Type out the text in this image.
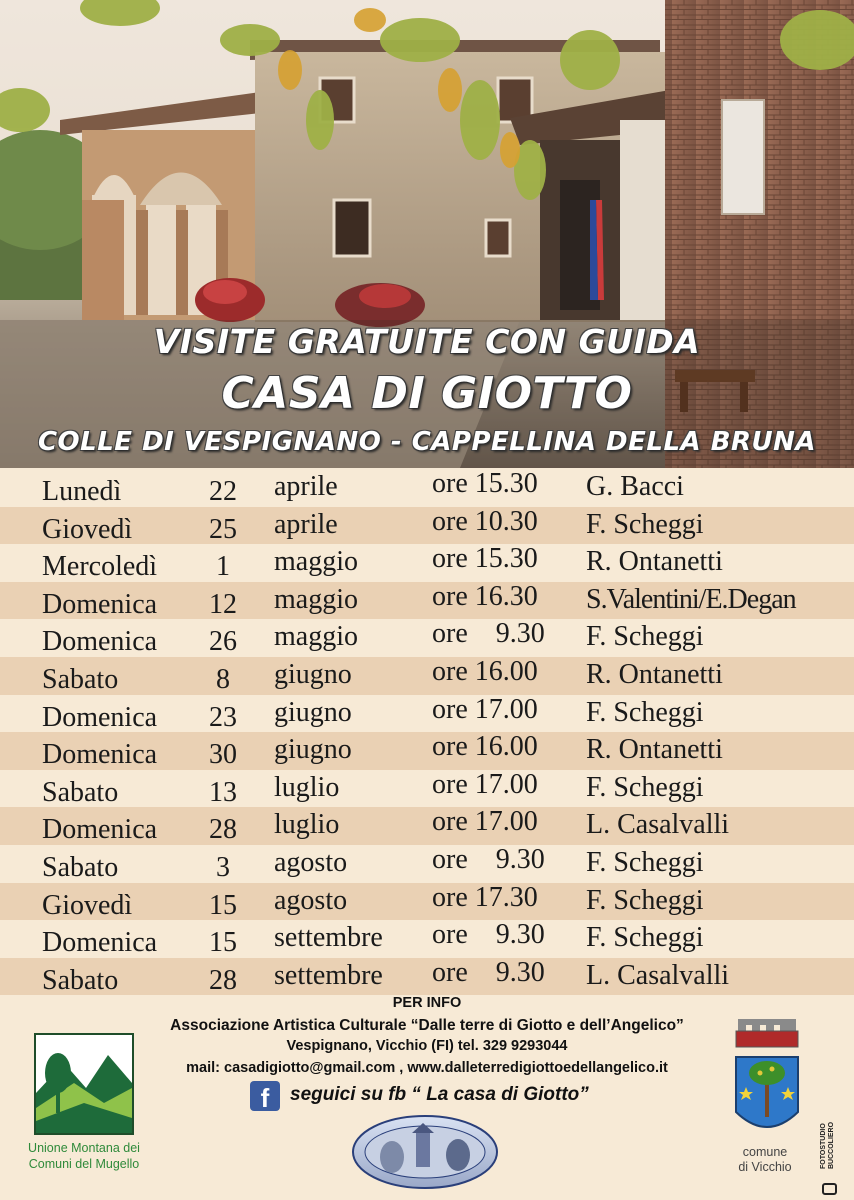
VISITE GRATUITE CON GUIDA
CASA DI GIOTTO
COLLE DI VESPIGNANO - CAPPELLINA DELLA BRUNA
Lunedì	22	aprile	ore 15.30 G. Bacci
Giovedì	25	aprile	ore 10.30 F. Scheggi
Mercoledì	1	maggio	ore 15.30 R. Ontanetti
Domenica	12	maggio	ore 16.30 S.Valentini/E.Degan
Domenica	26	maggio	ore    9.30 F. Scheggi
Sabato	8	giugno	ore 16.00 R. Ontanetti
Domenica	23	giugno	ore 17.00 F. Scheggi
Domenica	30	giugno	ore 16.00 R. Ontanetti
Sabato	13	luglio	ore 17.00 F. Scheggi
Domenica	28	luglio	ore 17.00 L. Casalvalli
Sabato	3	agosto	ore    9.30 F. Scheggi
Giovedì	15	agosto	ore 17.30 F. Scheggi
Domenica	15	settembre ore    9.30 F. Scheggi
Sabato	28	settembre ore    9.30 L. Casalvalli
PER INFO
Associazione Artistica Culturale “Dalle terre di Giotto e dell’Angelico”
Vespignano, Vicchio (FI) tel. 329 9293044
mail: casadigiotto@gmail.com , www.dalleterredigiottoedellangelico.it
f	seguici su fb “ La casa di Giotto”
Unione Montana dei
Comuni del Mugello
comune
di Vicchio	FOTOSTUDIO
BUCCOLIERO
